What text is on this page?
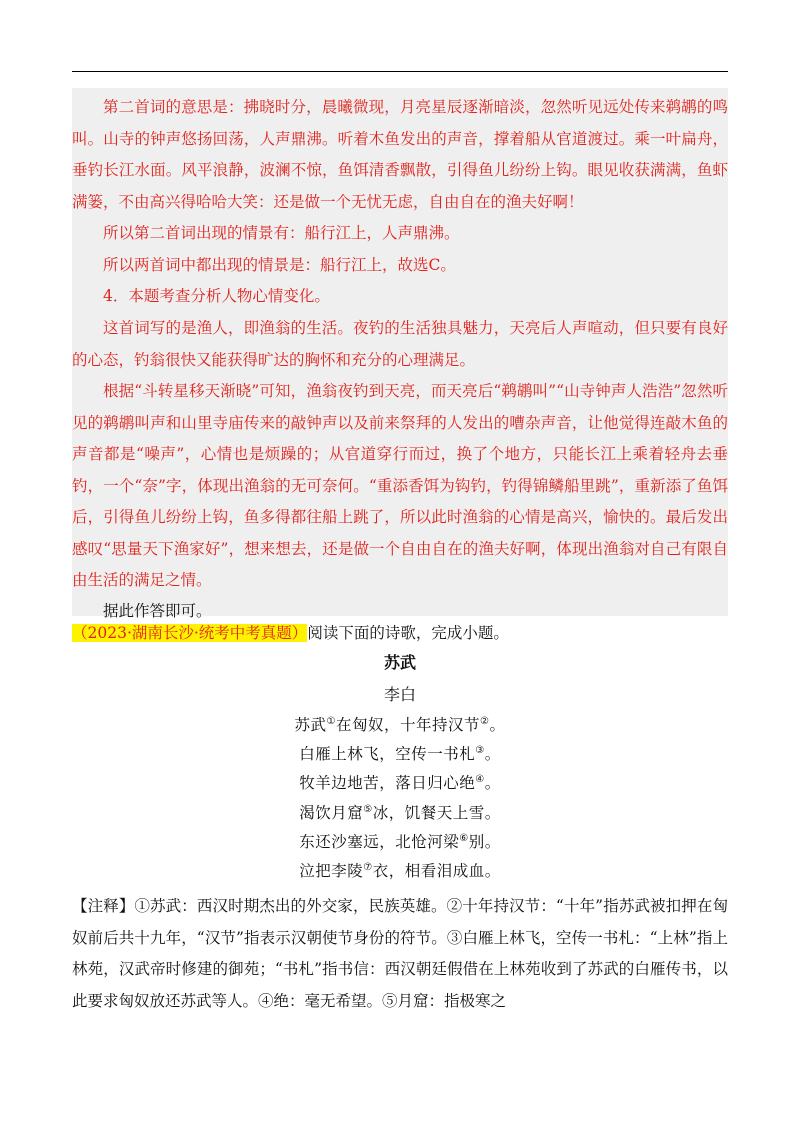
第二首词的意思是：拂晓时分，晨曦微现，月亮星辰逐渐暗淡，忽然听见远处传来鹈鹕的鸣叫。山寺的钟声悠扬回荡，人声鼎沸。听着木鱼发出的声音，撑着船从官道渡过。乘一叶扁舟，垂钓长江水面。风平浪静，波澜不惊，鱼饵清香飘散，引得鱼儿纷纷上钩。眼见收获满满，鱼虾满篓，不由高兴得哈哈大笑：还是做一个无忧无虑，自由自在的渔夫好啊！

所以第二首词出现的情景有：船行江上，人声鼎沸。

所以两首词中都出现的情景是：船行江上，故选C。

4．本题考查分析人物心情变化。

这首词写的是渔人，即渔翁的生活。夜钓的生活独具魅力，天亮后人声喧动，但只要有良好的心态，钓翁很快又能获得旷达的胸怀和充分的心理满足。

根据“斗转星移天渐晓”可知，渔翁夜钓到天亮，而天亮后“鹈鹕叫”“山寺钟声人浩浩”忽然听见的鹈鹕叫声和山里寺庙传来的敲钟声以及前来祭拜的人发出的嘈杂声音，让他觉得连敲木鱼的声音都是“噪声”，心情也是烦躁的；从官道穿行而过，换了个地方，只能长江上乘着轻舟去垂钓，一个“奈”字，体现出渔翁的无可奈何。“重添香饵为钩钓，钓得锦鳞船里跳”，重新添了鱼饵后，引得鱼儿纷纷上钩，鱼多得都往船上跳了，所以此时渔翁的心情是高兴，愉快的。最后发出感叹“思量天下渔家好”，想来想去，还是做一个自由自在的渔夫好啊，体现出渔翁对自己有限自由生活的满足之情。

据此作答即可。

（2023·湖南长沙·统考中考真题）阅读下面的诗歌，完成小题。
苏武
李白
苏武①在匈奴，十年持汉节②。
白雁上林飞，空传一书札③。
牧羊边地苦，落日归心绝④。
渴饮月窟⑤冰，饥餐天上雪。
东还沙塞远，北怆河梁⑥别。
泣把李陵⑦衣，相看泪成血。

【注释】①苏武：西汉时期杰出的外交家，民族英雄。②十年持汉节：“十年”指苏武被扣押在匈奴前后共十九年，“汉节”指表示汉朝使节身份的符节。③白雁上林飞，空传一书札：“上林”指上林苑，汉武帝时修建的御苑；“书札”指书信：西汉朝廷假借在上林苑收到了苏武的白雁传书，以此要求匈奴放还苏武等人。④绝：毫无希望。⑤月窟：指极寒之
